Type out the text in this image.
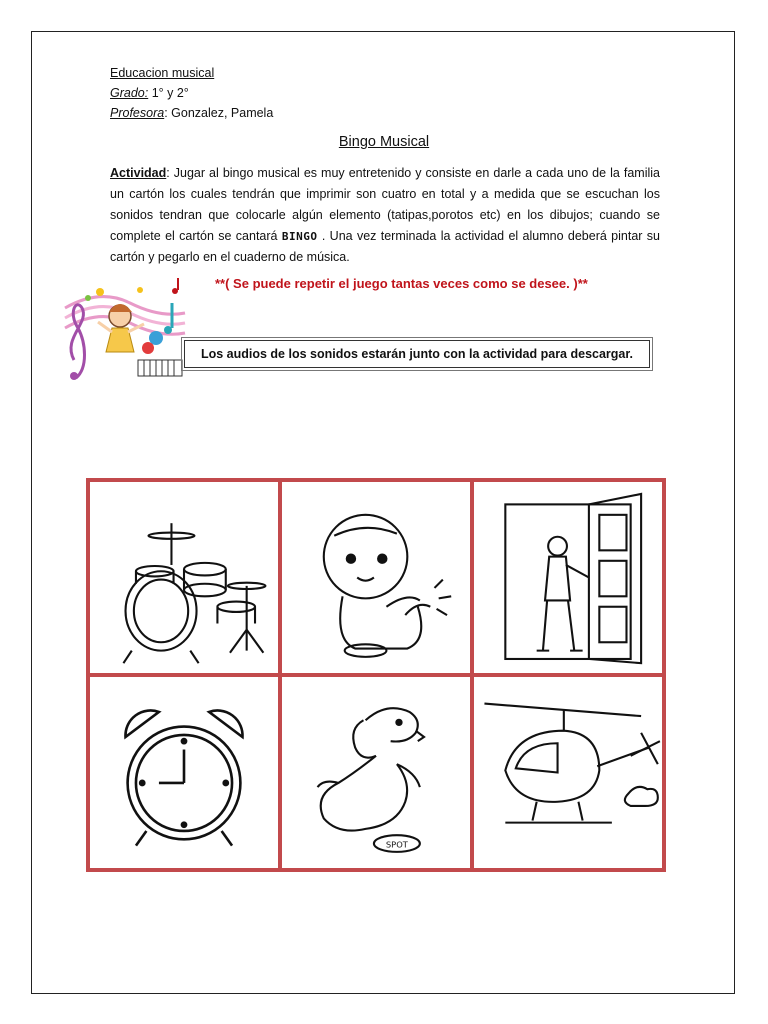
Educacion musical
Grado: 1° y 2°
Profesora: Gonzalez, Pamela
Bingo Musical
Actividad: Jugar al bingo musical es muy entretenido y consiste en darle a cada uno de la familia un cartón los cuales tendrán que imprimir son cuatro en total y a medida que se escuchan los sonidos tendran que colocarle algún elemento (tatipas,porotos etc) en los dibujos; cuando se complete el cartón se cantará BINGO . Una vez terminada la actividad el alumno deberá pintar su cartón y pegarlo en el cuaderno de música.
**( Se puede repetir el juego tantas veces como se desee. )**
Los audios de los sonidos estarán junto con la actividad para descargar.
SPOT
